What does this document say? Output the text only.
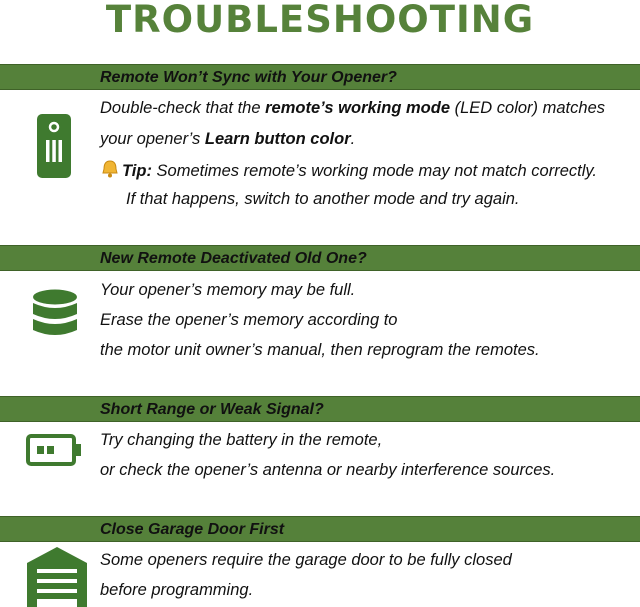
TROUBLESHOOTING
Remote Won’t Sync with Your Opener?
Double-check that the remote’s working mode (LED color) matches
your opener’s Learn button color.
Tip: Sometimes remote’s working mode may not match correctly.
If that happens, switch to another mode and try again.
New Remote Deactivated Old One?
Your opener’s memory may be full.
Erase the opener’s memory according to
the motor unit owner’s manual, then reprogram the remotes.
Short Range or Weak Signal?
Try changing the battery in the remote,
or check the opener’s antenna or nearby interference sources.
Close Garage Door First
Some openers require the garage door to be fully closed
before programming.
